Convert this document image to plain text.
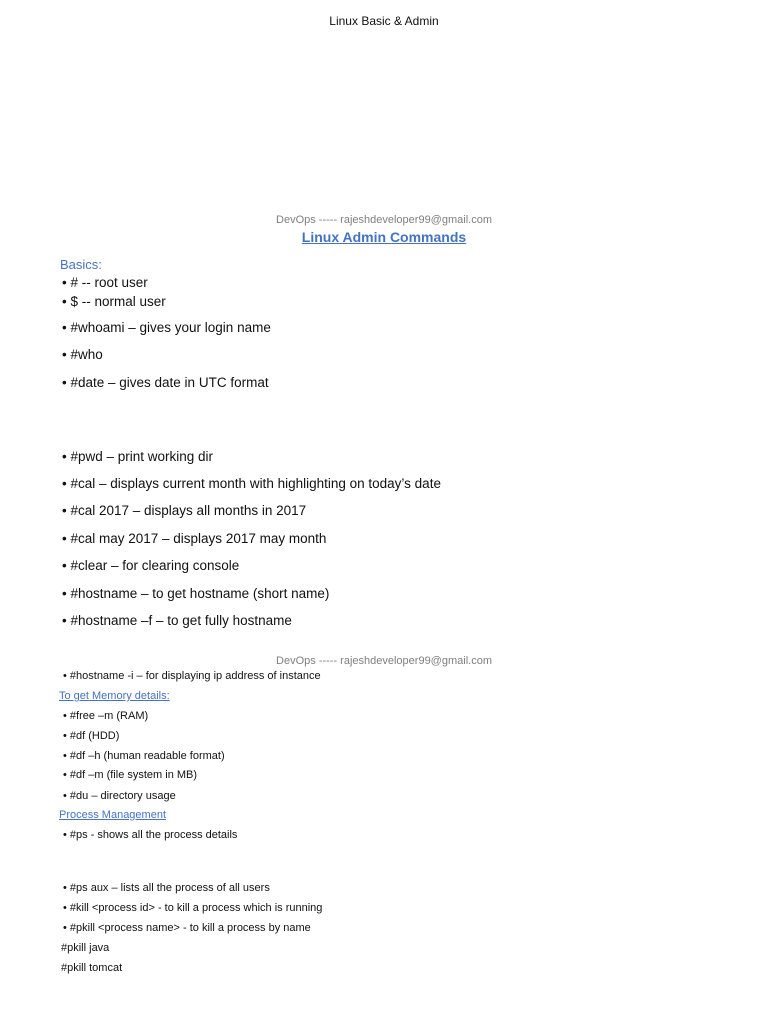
Linux Basic & Admin
DevOps ----- rajeshdeveloper99@gmail.com
Linux Admin Commands
Basics:
• # -- root user
• $ -- normal user
• #whoami – gives your login name
• #who
• #date – gives date in UTC format
• #pwd – print working dir
• #cal – displays current month with highlighting on today’s date
• #cal 2017 – displays all months in 2017
• #cal may 2017 – displays 2017 may month
• #clear – for clearing console
• #hostname – to get hostname (short name)
• #hostname –f – to get fully hostname
DevOps ----- rajeshdeveloper99@gmail.com
• #hostname -i – for displaying ip address of instance
To get Memory details:
• #free –m (RAM)
• #df (HDD)
• #df –h (human readable format)
• #df –m (file system in MB)
• #du – directory usage
Process Management
• #ps - shows all the process details
• #ps aux – lists all the process of all users
• #kill <process id> - to kill a process which is running
• #pkill <process name> - to kill a process by name
#pkill java
#pkill tomcat
